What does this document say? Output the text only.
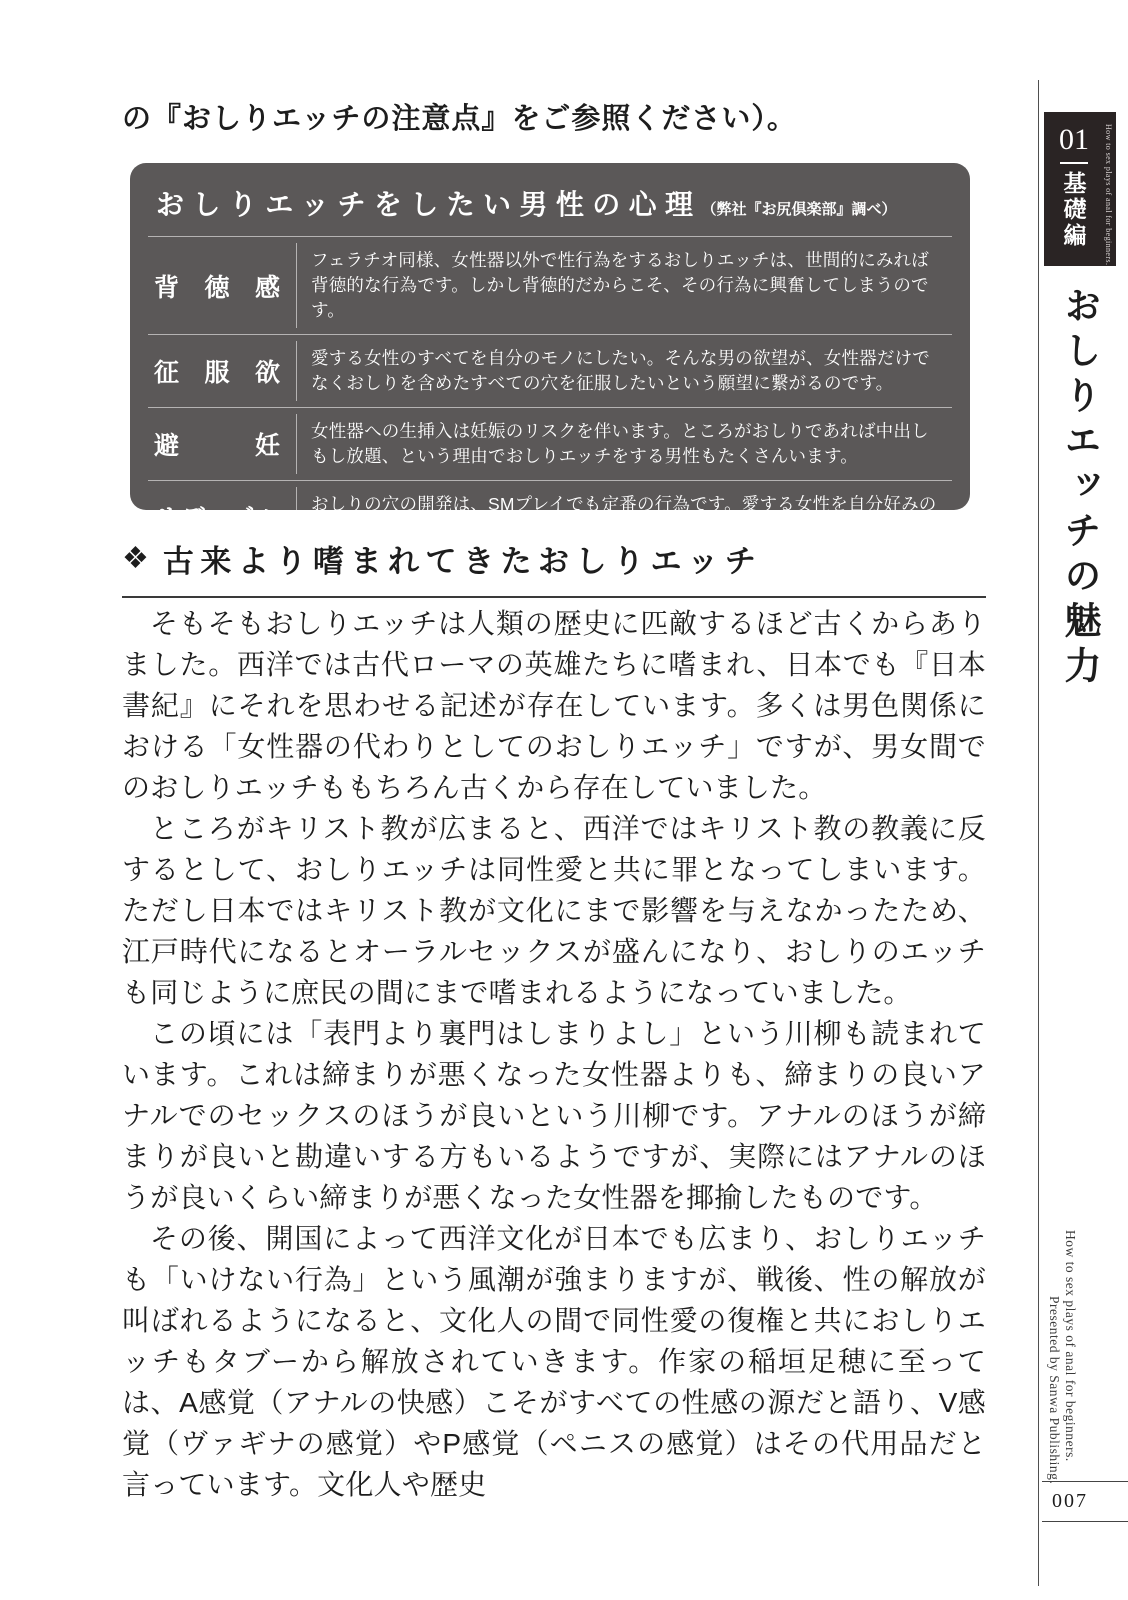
の『おしりエッチの注意点』をご参照ください）。
おしりエッチをしたい男性の心理 （弊社『お尻倶楽部』調べ）
背徳感
フェラチオ同様、女性器以外で性行為をするおしりエッチは、世間的にみれば背徳的な行為です。しかし背徳的だからこそ、その行為に興奮してしまうのです。
征服欲
愛する女性のすべてを自分のモノにしたい。そんな男の欲望が、女性器だけでなくおしりを含めたすべての穴を征服したいという願望に繋がるのです。
避妊
女性器への生挿入は妊娠のリスクを伴います。ところがおしりであれば中出しもし放題、という理由でおしりエッチをする男性もたくさんいます。
サディズム
おしりの穴の開発は、SMプレイでも定番の行為です。愛する女性を自分好みの体へと改造するため、おしりエッチや異物挿入を楽しむS男性も多いのです。
❖ 古来より嗜まれてきたおしりエッチ

そもそもおしりエッチは人類の歴史に匹敵するほど古くからありました。西洋では古代ローマの英雄たちに嗜まれ、日本でも『日本書紀』にそれを思わせる記述が存在しています。多くは男色関係における「女性器の代わりとしてのおしりエッチ」ですが、男女間でのおしりエッチももちろん古くから存在していました。

ところがキリスト教が広まると、西洋ではキリスト教の教義に反するとして、おしりエッチは同性愛と共に罪となってしまいます。ただし日本ではキリスト教が文化にまで影響を与えなかったため、江戸時代になるとオーラルセックスが盛んになり、おしりのエッチも同じように庶民の間にまで嗜まれるようになっていました。

この頃には「表門より裏門はしまりよし」という川柳も読まれています。これは締まりが悪くなった女性器よりも、締まりの良いアナルでのセックスのほうが良いという川柳です。アナルのほうが締まりが良いと勘違いする方もいるようですが、実際にはアナルのほうが良いくらい締まりが悪くなった女性器を揶揄したものです。

その後、開国によって西洋文化が日本でも広まり、おしりエッチも「いけない行為」という風潮が強まりますが、戦後、性の解放が叫ばれるようになると、文化人の間で同性愛の復権と共におしりエッチもタブーから解放されていきます。作家の稲垣足穂に至っては、A感覚（アナルの快感）こそがすべての性感の源だと語り、V感覚（ヴァギナの感覚）やP感覚（ペニスの感覚）はその代用品だと言っています。文化人や歴史

01
基礎編	How to sex plays of anal for beginners.
おしりエッチの魅力
How to sex plays of anal for beginners. Presented by Sanwa Publishing.
007
